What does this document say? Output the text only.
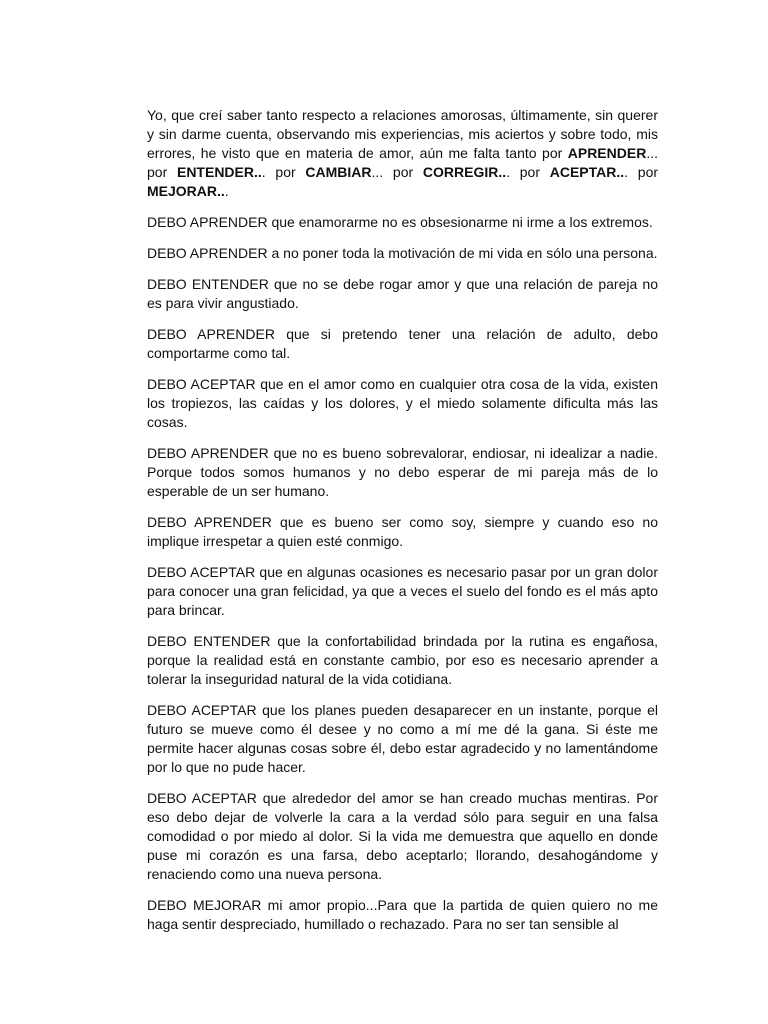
Yo, que creí saber tanto respecto a relaciones amorosas, últimamente, sin querer y sin darme cuenta, observando mis experiencias, mis aciertos y sobre todo, mis errores, he visto que en materia de amor, aún me falta tanto por APRENDER... por ENTENDER... por CAMBIAR... por CORREGIR... por ACEPTAR... por MEJORAR...

DEBO APRENDER que enamorarme no es obsesionarme ni irme a los extremos.

DEBO APRENDER a no poner toda la motivación de mi vida en sólo una persona.

DEBO ENTENDER que no se debe rogar amor y que una relación de pareja no es para vivir angustiado.

DEBO APRENDER que si pretendo tener una relación de adulto, debo comportarme como tal.

DEBO ACEPTAR que en el amor como en cualquier otra cosa de la vida, existen los tropiezos, las caídas y los dolores, y el miedo solamente dificulta más las cosas.

DEBO APRENDER que no es bueno sobrevalorar, endiosar, ni idealizar a nadie. Porque todos somos humanos y no debo esperar de mi pareja más de lo esperable de un ser humano.

DEBO APRENDER que es bueno ser como soy, siempre y cuando eso no implique irrespetar a quien esté conmigo.

DEBO ACEPTAR que en algunas ocasiones es necesario pasar por un gran dolor para conocer una gran felicidad, ya que a veces el suelo del fondo es el más apto para brincar.

DEBO ENTENDER que la confortabilidad brindada por la rutina es engañosa, porque la realidad está en constante cambio, por eso es necesario aprender a tolerar la inseguridad natural de la vida cotidiana.

DEBO ACEPTAR que los planes pueden desaparecer en un instante, porque el futuro se mueve como él desee y no como a mí me dé la gana. Si éste me permite hacer algunas cosas sobre él, debo estar agradecido y no lamentándome por lo que no pude hacer.

DEBO ACEPTAR que alrededor del amor se han creado muchas mentiras. Por eso debo dejar de volverle la cara a la verdad sólo para seguir en una falsa comodidad o por miedo al dolor. Si la vida me demuestra que aquello en donde puse mi corazón es una farsa, debo aceptarlo; llorando, desahogándome y renaciendo como una nueva persona.

DEBO MEJORAR mi amor propio...Para que la partida de quien quiero no me haga sentir despreciado, humillado o rechazado. Para no ser tan sensible al
